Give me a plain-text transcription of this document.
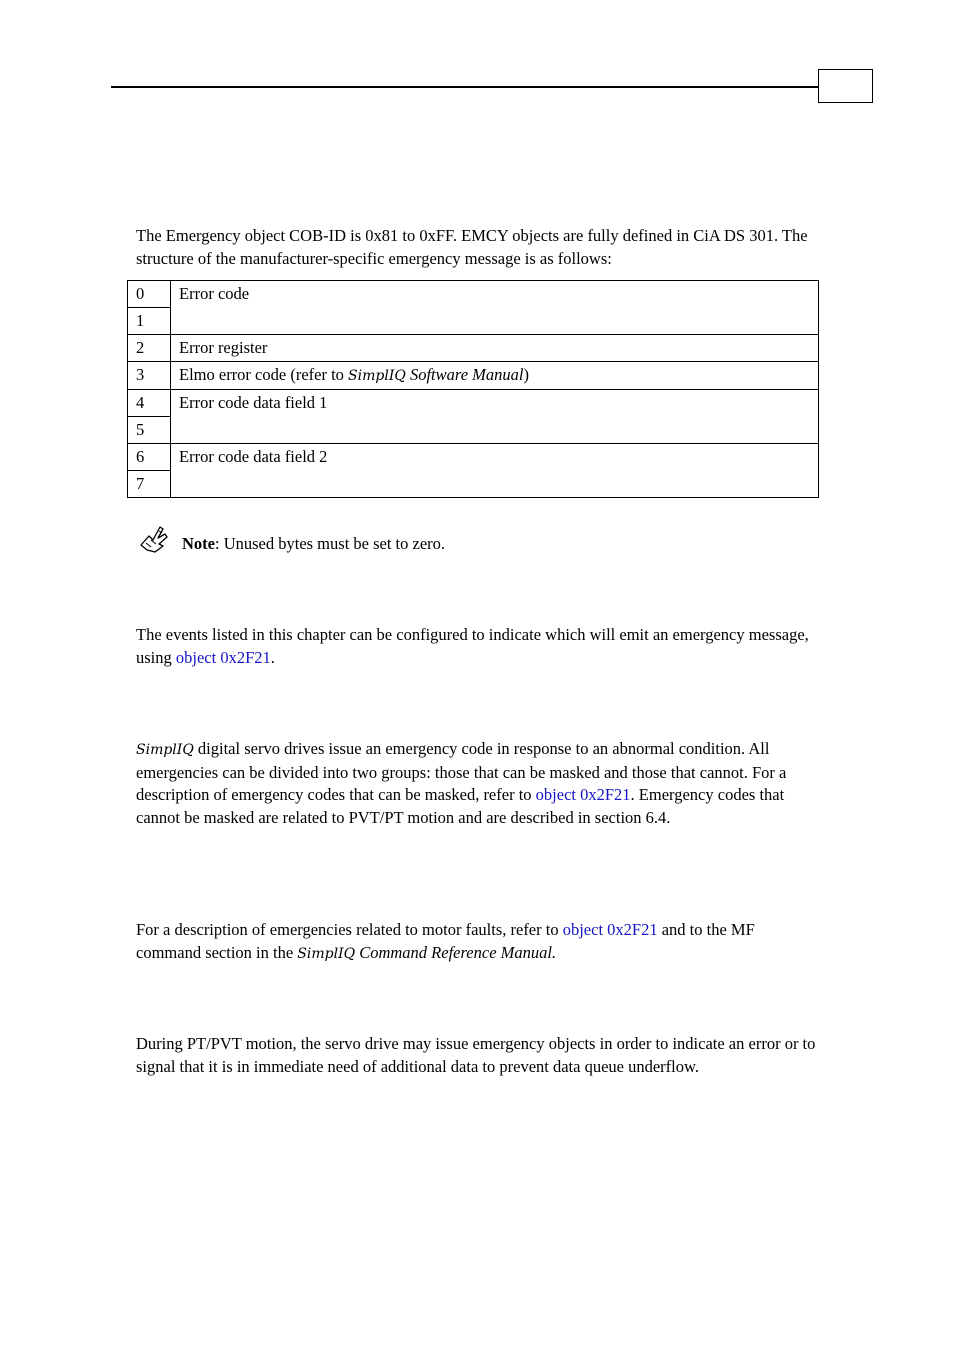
The Emergency object COB-ID is 0x81 to 0xFF. EMCY objects are fully defined in CiA DS 301. The structure of the manufacturer-specific emergency message is as follows:

0	Error code
1	
2	Error register
3	Elmo error code (refer to SimplIQ Software Manual)
4	Error code data field 1
5	
6	Error code data field 2
7	
Note: Unused bytes must be set to zero.

The events listed in this chapter can be configured to indicate which will emit an emergency message, using object 0x2F21.

SimplIQ digital servo drives issue an emergency code in response to an abnormal condition. All emergencies can be divided into two groups: those that can be masked and those that cannot. For a description of emergency codes that can be masked, refer to object 0x2F21. Emergency codes that cannot be masked are related to PVT/PT motion and are described in section 6.4.

For a description of emergencies related to motor faults, refer to object 0x2F21 and to the MF command section in the SimplIQ Command Reference Manual.

During PT/PVT motion, the servo drive may issue emergency objects in order to indicate an error or to signal that it is in immediate need of additional data to prevent data queue underflow.
